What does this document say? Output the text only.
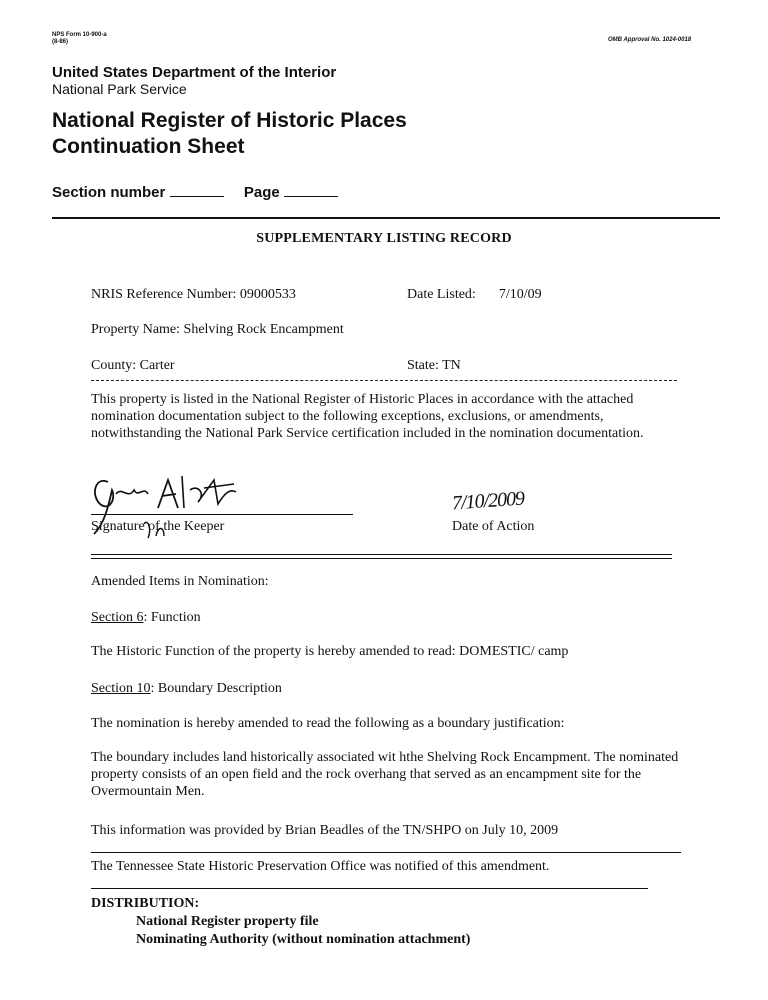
NPS Form 10-900-a
(8-86)	OMB Approval No. 1024-0018
United States Department of the Interior
National Park Service
National Register of Historic Places
Continuation Sheet
Section number	Page
SUPPLEMENTARY LISTING RECORD
NRIS Reference Number: 09000533	Date Listed: 7/10/09
Property Name: Shelving Rock Encampment
County: Carter	State: TN
This property is listed in the National Register of Historic Places in accordance with the attached nomination documentation subject to the following exceptions, exclusions, or amendments, notwithstanding the National Park Service certification included in the nomination documentation.
Signature of the Keeper
7/10/2009
Date of Action
Amended Items in Nomination:
Section 6: Function
The Historic Function of the property is hereby amended to read: DOMESTIC/ camp
Section 10: Boundary Description
The nomination is hereby amended to read the following as a boundary justification:
The boundary includes land historically associated wit hthe Shelving Rock Encampment. The nominated property consists of an open field and the rock overhang that served as an encampment site for the Overmountain Men.
This information was provided by Brian Beadles of the TN/SHPO on July 10, 2009
The Tennessee State Historic Preservation Office was notified of this amendment.
DISTRIBUTION:
National Register property file
Nominating Authority (without nomination attachment)
